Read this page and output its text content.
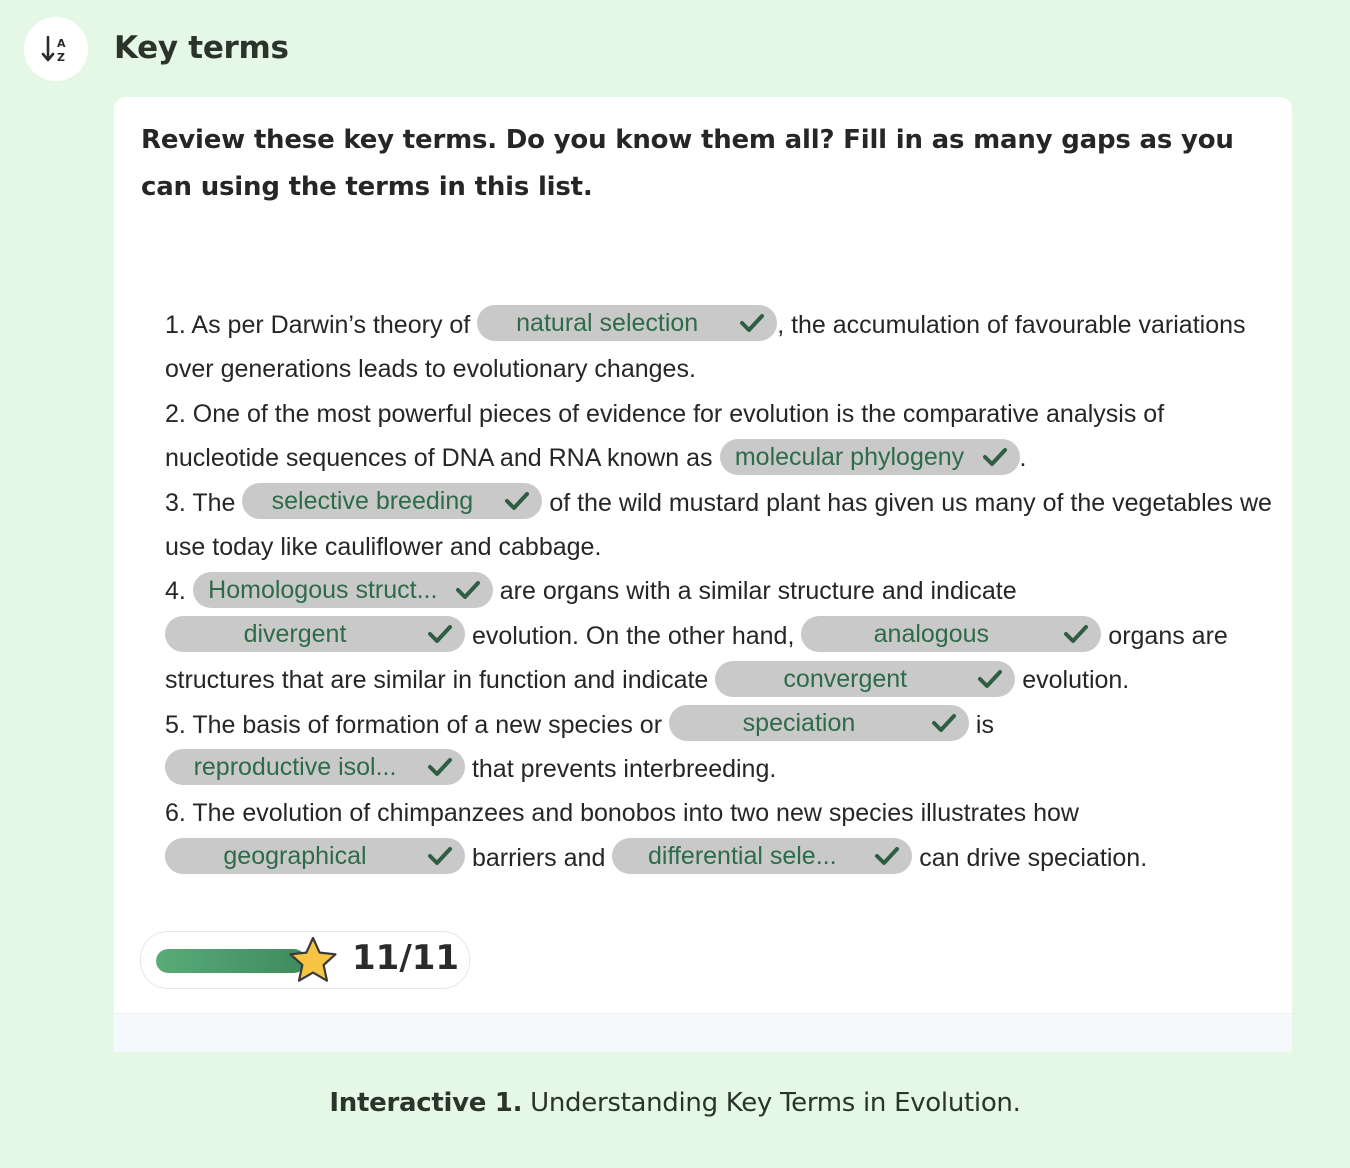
A
Z Key terms
Review these key terms. Do you know them all? Fill in as many gaps as you can using the terms in this list.
1. As per Darwin’s theory of natural selection	, the accumulation of favourable variations over generations leads to evolutionary changes.
2. One of the most powerful pieces of evidence for evolution is the comparative analysis of nucleotide sequences of DNA and RNA known as molecular phylogeny .
3. The selective breeding	of the wild mustard plant has given us many of the vegetables we use today like cauliflower and cabbage.
4. Homologous struct...
are organs with a similar structure and indicate divergent	evolution. On the other hand,	analogous	organs are structures that are similar in function and indicate	convergent	evolution.
5. The basis of formation of a new species or	speciation	is reproductive isol...	that prevents interbreeding.
6. The evolution of chimpanzees and bonobos into two new species illustrates how geographical	barriers and differential sele...	can drive speciation.
11/11
Interactive 1. Understanding Key Terms in Evolution.
